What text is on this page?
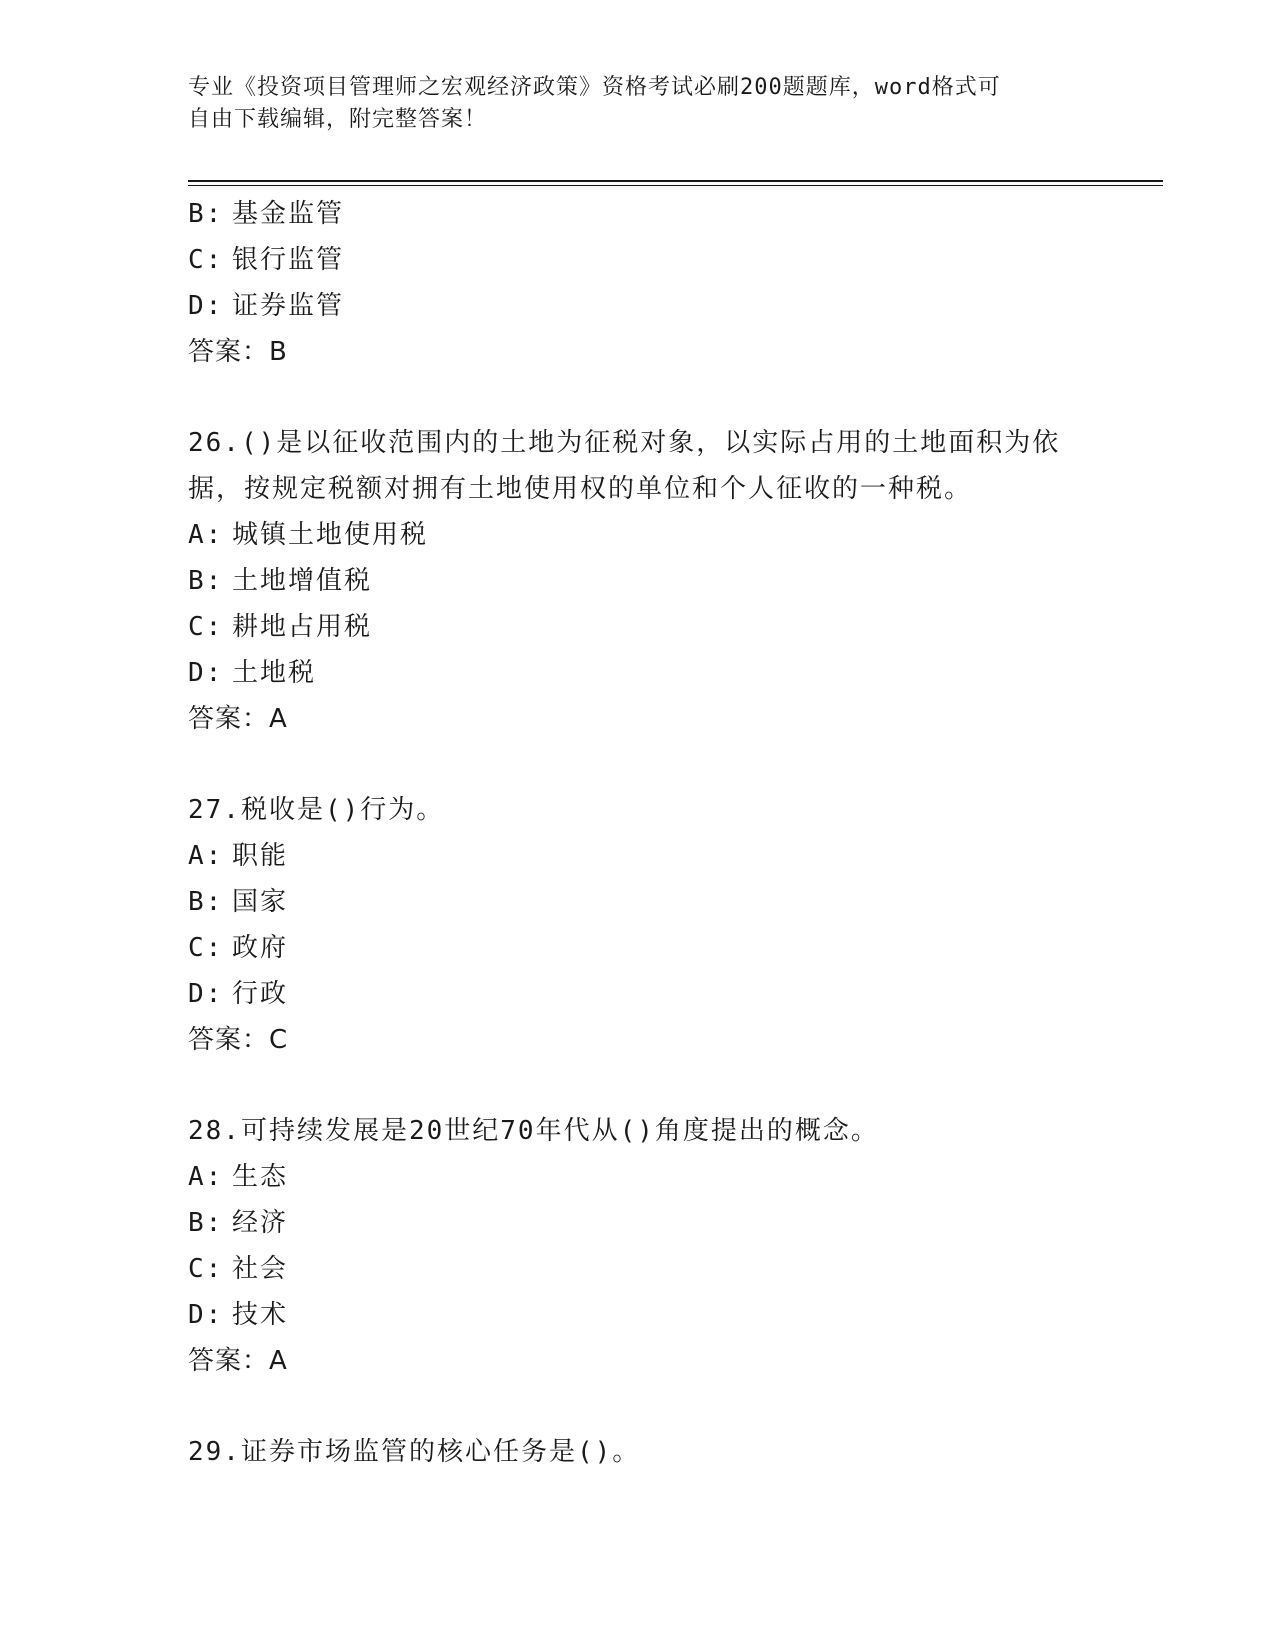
专业《投资项目管理师之宏观经济政策》资格考试必刷200题题库，word格式可
自由下载编辑，附完整答案！
B: 基金监管
C: 银行监管
D: 证券监管
答案：B
26.()是以征收范围内的土地为征税对象，以实际占用的土地面积为依
据，按规定税额对拥有土地使用权的单位和个人征收的一种税。
A: 城镇土地使用税
B: 土地增值税
C: 耕地占用税
D: 土地税
答案：A
27.税收是()行为。
A: 职能
B: 国家
C: 政府
D: 行政
答案：C
28.可持续发展是20世纪70年代从()角度提出的概念。
A: 生态
B: 经济
C: 社会
D: 技术
答案：A
29.证券市场监管的核心任务是()。
